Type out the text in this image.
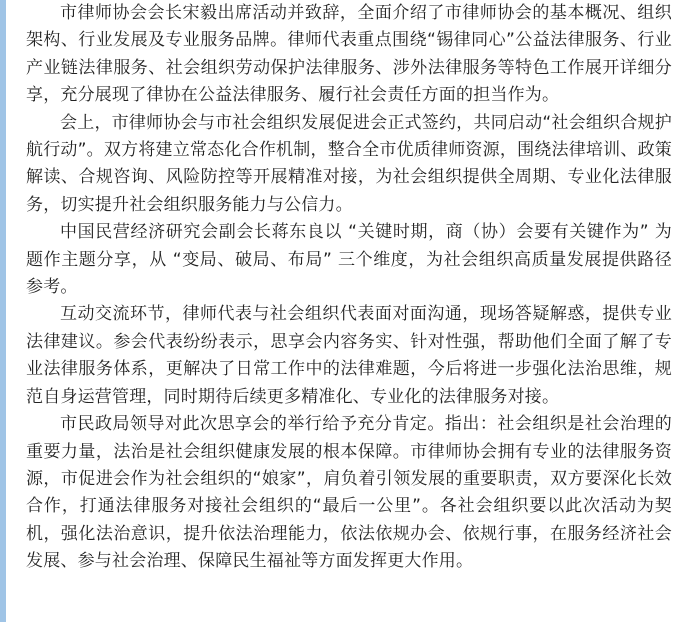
市律师协会会长宋毅出席活动并致辞，全面介绍了市律师协会的基本概况、组织架构、行业发展及专业服务品牌。律师代表重点围绕“锡律同心”公益法律服务、行业产业链法律服务、社会组织劳动保护法律服务、涉外法律服务等特色工作展开详细分享，充分展现了律协在公益法律服务、履行社会责任方面的担当作为。

会上，市律师协会与市社会组织发展促进会正式签约，共同启动“社会组织合规护航行动”。双方将建立常态化合作机制，整合全市优质律师资源，围绕法律培训、政策解读、合规咨询、风险防控等开展精准对接，为社会组织提供全周期、专业化法律服务，切实提升社会组织服务能力与公信力。

中国民营经济研究会副会长蒋东良以 “关键时期，商（协）会要有关键作为” 为题作主题分享，从 “变局、破局、布局” 三个维度，为社会组织高质量发展提供路径参考。

互动交流环节，律师代表与社会组织代表面对面沟通，现场答疑解惑，提供专业法律建议。参会代表纷纷表示，思享会内容务实、针对性强，帮助他们全面了解了专业法律服务体系，更解决了日常工作中的法律难题，今后将进一步强化法治思维，规范自身运营管理，同时期待后续更多精准化、专业化的法律服务对接。

市民政局领导对此次思享会的举行给予充分肯定。指出：社会组织是社会治理的重要力量，法治是社会组织健康发展的根本保障。市律师协会拥有专业的法律服务资源，市促进会作为社会组织的“娘家”，肩负着引领发展的重要职责，双方要深化长效合作，打通法律服务对接社会组织的“最后一公里”。各社会组织要以此次活动为契机，强化法治意识，提升依法治理能力，依法依规办会、依规行事，在服务经济社会发展、参与社会治理、保障民生福祉等方面发挥更大作用。
